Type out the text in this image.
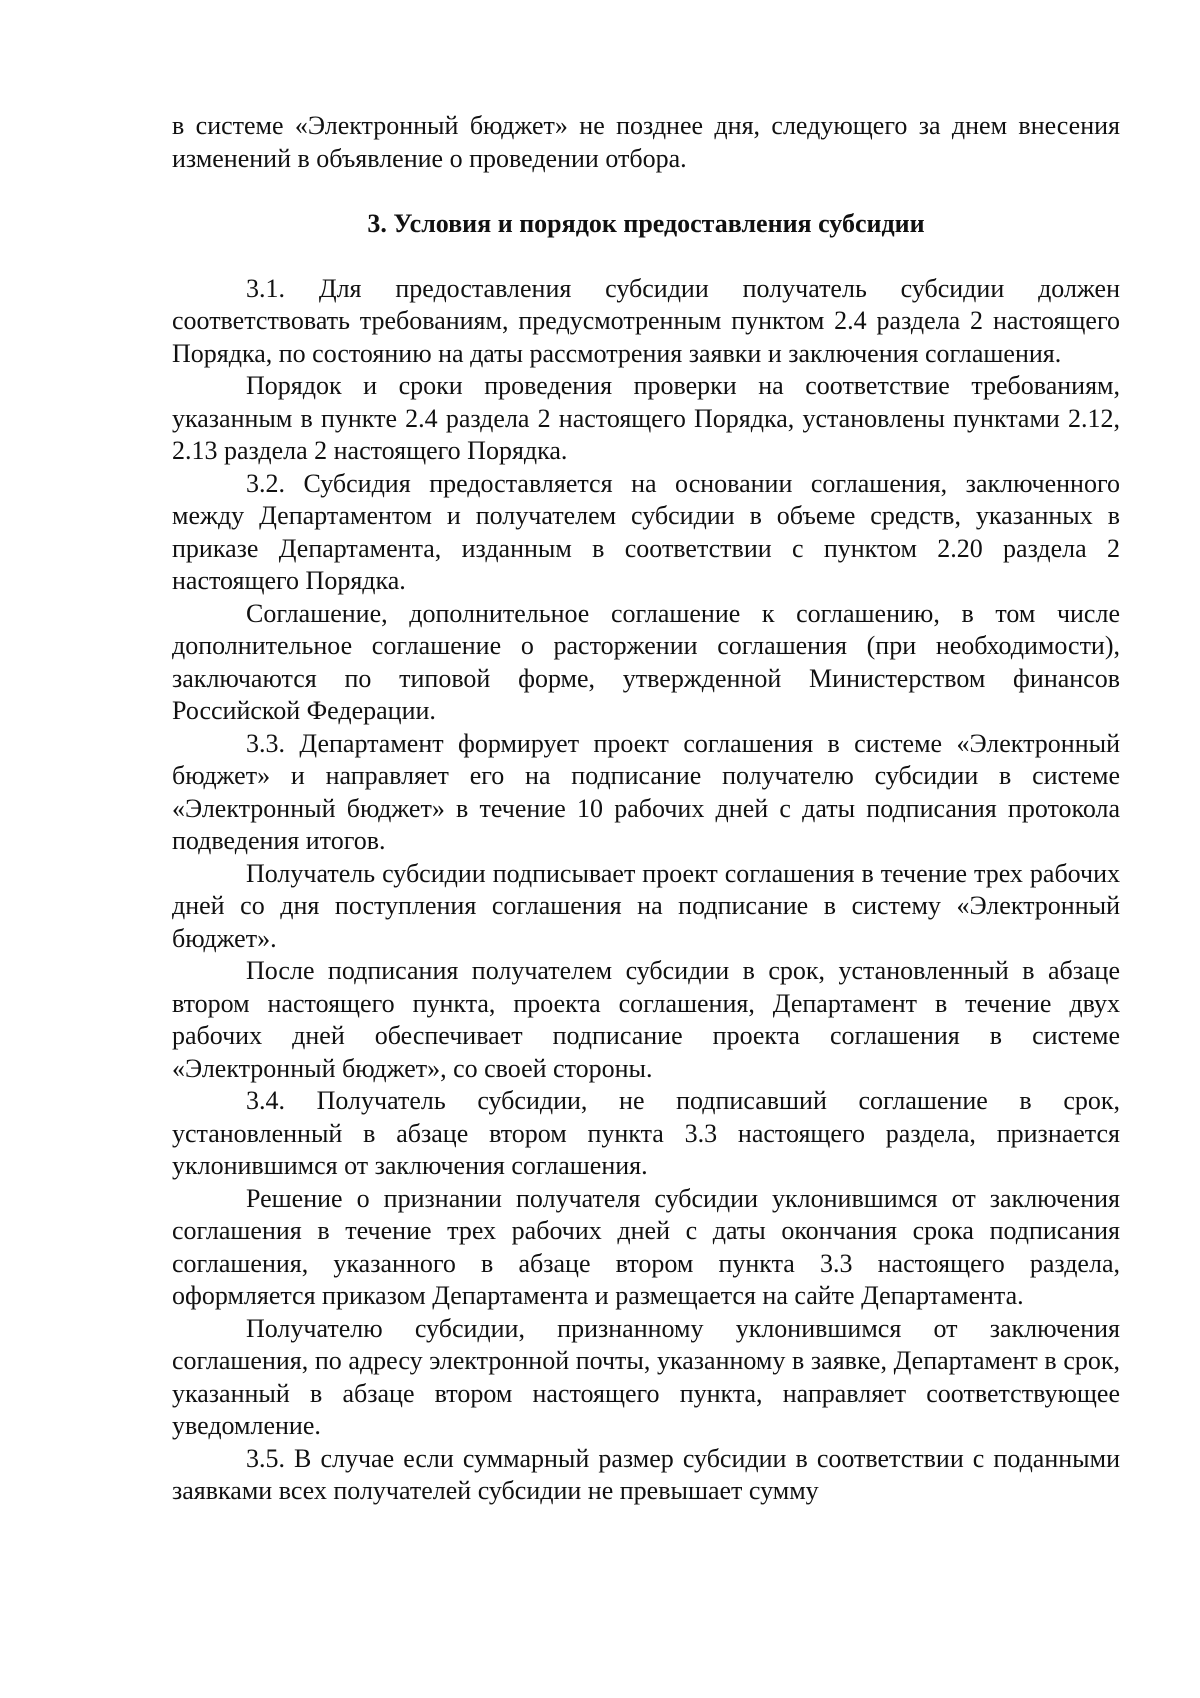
в системе «Электронный бюджет» не позднее дня, следующего за днем внесения изменений в объявление о проведении отбора.

3. Условия и порядок предоставления субсидии

3.1. Для предоставления субсидии получатель субсидии должен соответствовать требованиям, предусмотренным пунктом 2.4 раздела 2 настоящего Порядка, по состоянию на даты рассмотрения заявки и заключения соглашения.

Порядок и сроки проведения проверки на соответствие требованиям, указанным в пункте 2.4 раздела 2 настоящего Порядка, установлены пунктами 2.12, 2.13 раздела 2 настоящего Порядка.

3.2. Субсидия предоставляется на основании соглашения, заключенного между Департаментом и получателем субсидии в объеме средств, указанных в приказе Департамента, изданным в соответствии с пунктом 2.20 раздела 2 настоящего Порядка.

Соглашение, дополнительное соглашение к соглашению, в том числе дополнительное соглашение о расторжении соглашения (при необходимости), заключаются по типовой форме, утвержденной Министерством финансов Российской Федерации.

3.3. Департамент формирует проект соглашения в системе «Электронный бюджет» и направляет его на подписание получателю субсидии в системе «Электронный бюджет» в течение 10 рабочих дней с даты подписания протокола подведения итогов.

Получатель субсидии подписывает проект соглашения в течение трех рабочих дней со дня поступления соглашения на подписание в систему «Электронный бюджет».

После подписания получателем субсидии в срок, установленный в абзаце втором настоящего пункта, проекта соглашения, Департамент в течение двух рабочих дней обеспечивает подписание проекта соглашения в системе «Электронный бюджет», со своей стороны.

3.4. Получатель субсидии, не подписавший соглашение в срок, установленный в абзаце втором пункта 3.3 настоящего раздела, признается уклонившимся от заключения соглашения.

Решение о признании получателя субсидии уклонившимся от заключения соглашения в течение трех рабочих дней с даты окончания срока подписания соглашения, указанного в абзаце втором пункта 3.3 настоящего раздела, оформляется приказом Департамента и размещается на сайте Департамента.

Получателю субсидии, признанному уклонившимся от заключения соглашения, по адресу электронной почты, указанному в заявке, Департамент в срок, указанный в абзаце втором настоящего пункта, направляет соответствующее уведомление.

3.5. В случае если суммарный размер субсидии в соответствии с поданными заявками всех получателей субсидии не превышает сумму
